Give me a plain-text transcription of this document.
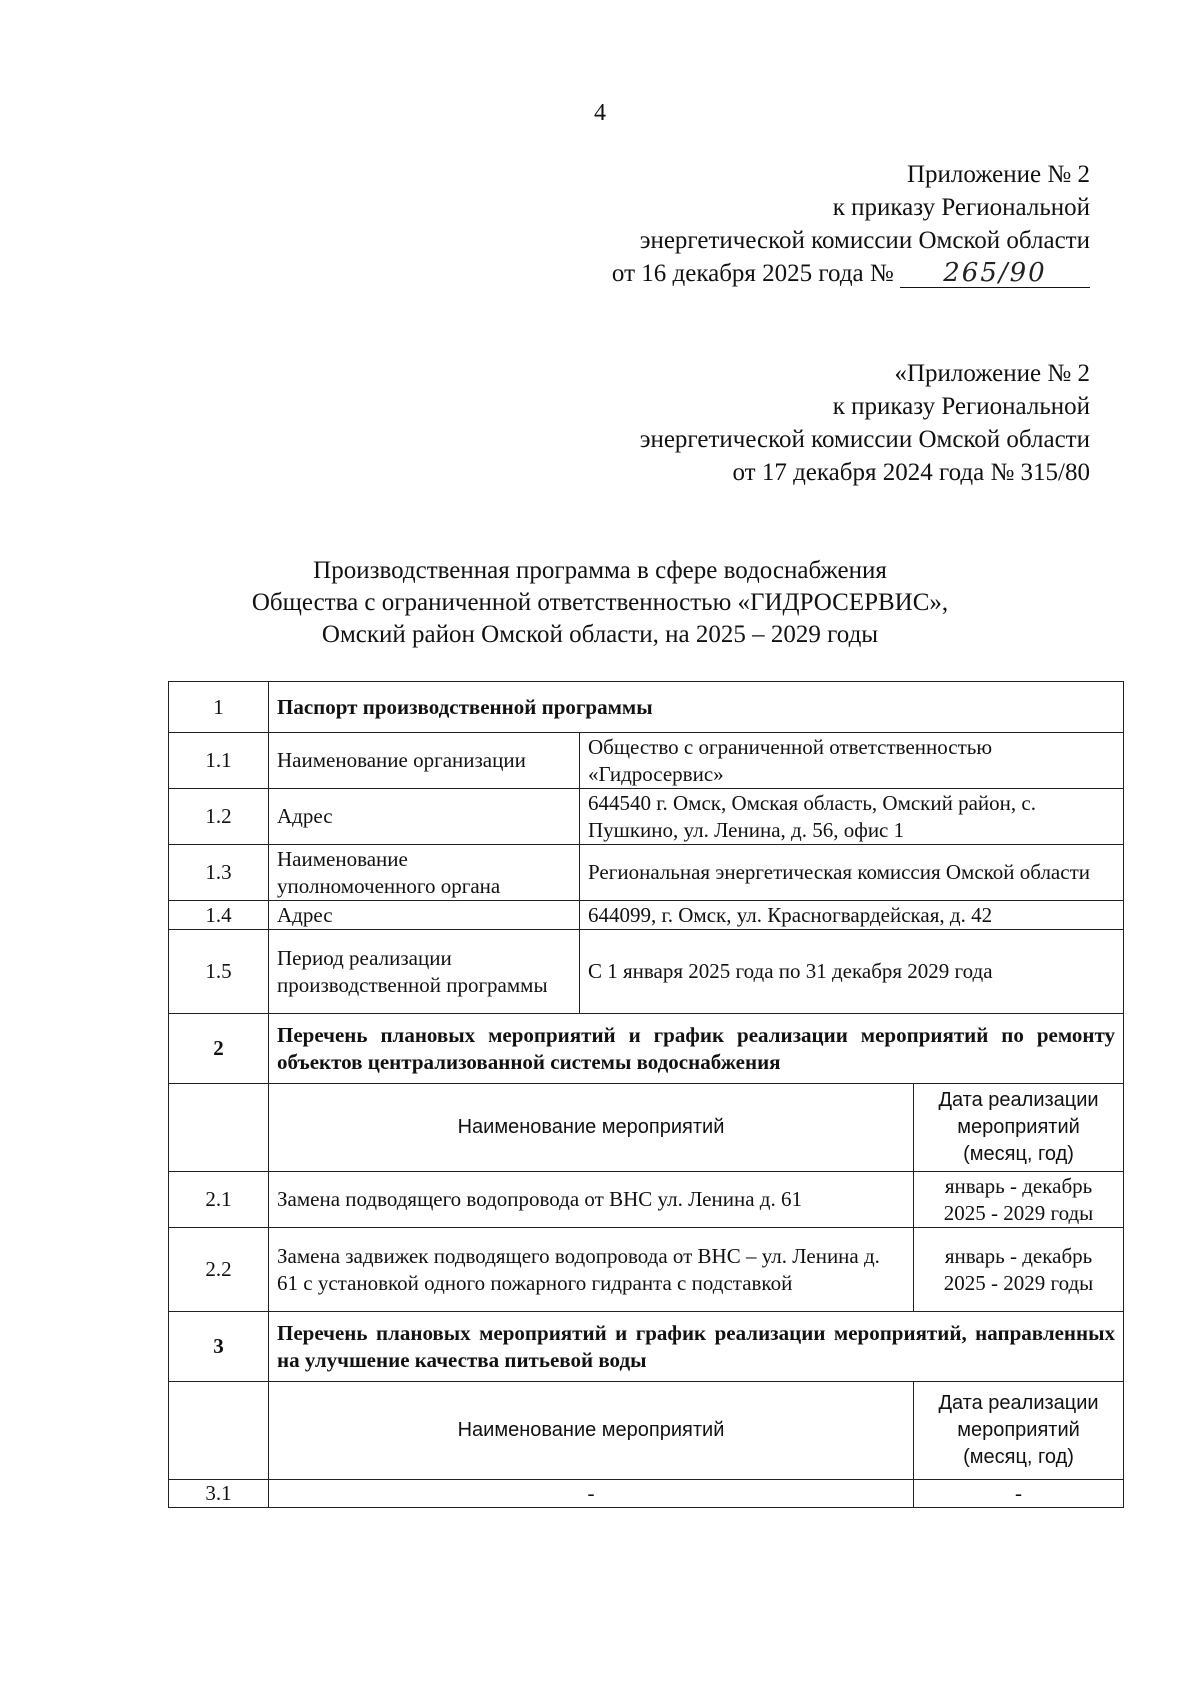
4
Приложение № 2
к приказу Региональной
энергетической комиссии Омской области
от 16 декабря 2025 года № 265/90
«Приложение № 2
к приказу Региональной
энергетической комиссии Омской области
от 17 декабря 2024 года № 315/80
Производственная программа в сфере водоснабжения
Общества с ограниченной ответственностью «ГИДРОСЕРВИС»,
Омский район Омской области, на 2025 – 2029 годы
1	Паспорт производственной программы		
1.1	Наименование организации	Общество с ограниченной ответственностью «Гидросервис»	
1.2	Адрес	644540 г. Омск, Омская область, Омский район, с. Пушкино, ул. Ленина, д. 56, офис 1	
1.3	Наименование уполномоченного органа	Региональная энергетическая комиссия Омской области	
1.4	Адрес	644099, г. Омск, ул. Красногвардейская, д. 42	
1.5	Период реализации производственной программы	С 1 января 2025 года по 31 декабря 2029 года	
2	Перечень плановых мероприятий и график реализации мероприятий по ремонту объектов централизованной системы водоснабжения		
	Наименование мероприятий		Дата реализации мероприятий (месяц, год)
2.1	Замена подводящего водопровода от ВНС ул. Ленина д. 61		январь - декабрь 2025 - 2029 годы
2.2	Замена задвижек подводящего водопровода от ВНС – ул. Ленина д. 61 с установкой одного пожарного гидранта с подставкой		январь - декабрь 2025 - 2029 годы
3	Перечень плановых мероприятий и график реализации мероприятий, направленных на улучшение качества питьевой воды		
	Наименование мероприятий		Дата реализации мероприятий (месяц, год)
3.1	-		-
